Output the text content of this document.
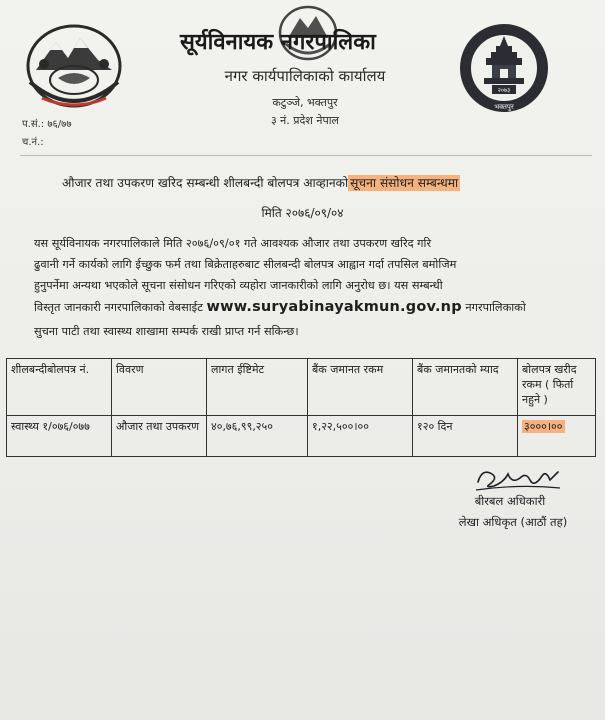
२०७३
भक्तपुर
सूर्यविनायक नगरपालिका
नगर कार्यपालिकाको कार्यालय
कटुञ्जे, भक्तपुर
३ नं. प्रदेश नेपाल
प.सं.: ७६/७७
च.नं.:
औजार तथा उपकरण खरिद सम्बन्धी शीलबन्दी बोलपत्र आव्हानको सूचना संसोधन सम्बन्धमा
मिति २०७६/०९/०४
यस सूर्यविनायक नगरपालिकाले मिति २०७६/०९/०१ गते आवश्यक औजार तथा उपकरण खरिद गरि
ढुवानी गर्ने कार्यको लागि ईच्छुक फर्म तथा बिक्रेताहरुबाट सीलबन्दी बोलपत्र आह्वान गर्दा तपसिल बमोजिम
हुनुपर्नेमा अन्यथा भएकोले सूचना संसोधन गरिएको व्यहोरा जानकारीको लागि अनुरोध छ। यस सम्बन्धी
विस्तृत जानकारी नगरपालिकाको वेबसाईट www.suryabinayakmun.gov.np नगरपालिकाको
सुचना पाटी तथा स्वास्थ्य शाखामा सम्पर्क राखी प्राप्त गर्न सकिन्छ।
शीलबन्दीबोलपत्र नं.	विवरण	लागत ईष्टिमेट	बैंक जमानत रकम	बैंक जमानतको म्याद	बोलपत्र खरीद रकम ( फिर्ता नहुने )
स्वास्थ्य १/०७६/०७७	औजार तथा उपकरण	४०,७६,९९,२५०	१,२२,५००।००	१२० दिन	३०००।००
बीरबल अधिकारी
लेखा अधिकृत (आठौं तह)
